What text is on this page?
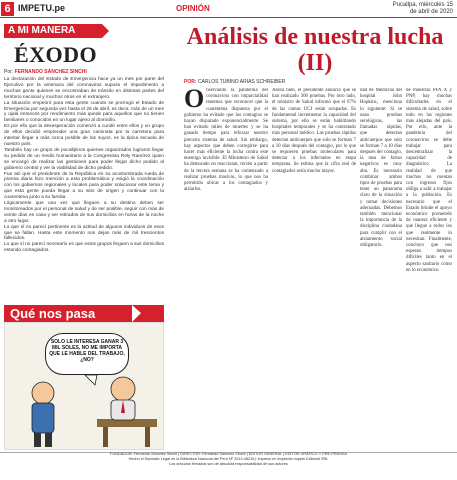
6 IMPETU.pe	OPINIÓN	Pucallpa, miércoles 15
de abril de 2020
A MI MANERA
ÉXODO
Por: FERNANDO SÁNCHEZ SINCHI

La declaración del Estado de Emergencia hace ya un mes por parte del Ejecutivo por la amenaza del coronavirus supuso el impedimento a muchas gente quienes se encontraban de tránsito en distintas partes del territorio nacional y muchos otros en el extranjero.

La situación empeoró para esta gente cuando se prorrogó el Estado de Emergencia por segunda vez hasta el 26 de abril, es decir, más de un mes y ojalá entonces por rendimiento más quede para aquellos que no tienen familiares o conocidos en un lugar ajeno al domicilio.

Es por ello que la desesperación comenzó a cundir entre ellos y un grupo de ellos decidió emprender una gran caminata por la carretera para intentar llegar a más cerca posible de los suyos, es la típica secuela de nuestro país.

También hay un grupo de pucallpinos quienes organizados lograron llegar su pedido de un medio humanitario a la Congresista Rely Ramírez quien se encargó de realizar las gestiones para poder llegar dicho pedido al gobierno central y ver la viabilidad de dicho pedido.

Fue así que el presidente de la República en su acostumbrada rueda de prensa diaria hizo mención a esta problemática y exigió la coordinación con los gobiernos regionales y locales para poder solucionar este tema y que esta gente pueda llegar a su sitio de origen y continuar con la cuarentena junto a su familia.

Lógicamente que una vez que lleguen a su destino deben ser monitoreados por el personal de salud y de ser posible, seguir con más de veinte días en casa y ser retirados de sus domicilios en horas de la noche a otro lugar.

Lo que sí no parecí pertinente es la actitud de algunos individuos de esos que se fallan. Hasta este momento nos dejan más de mil trescientos fallecidos.

Lo que sí no parecí necesario es que estos grupos lleguen a sus domicilios estando contagiados.

Qué nos pasa
SOLO LE INTERESA GANAR 3 MIL SOLES, NO ME IMPORTA QUE LE HABLE DEL TRABAJO, ¿NO?
Análisis de nuestra lucha (II)
POR: CARLOS TUBINO ARIAS SCHREIBER
O bservando la pandemia del coronavirus con imparcialidad tenemos que reconocer que la cuarentena dispuesta por el gobierno ha evitado que los contagios se hayan disparado exponencialmente. Se han evitado miles de muertes y se ha ganado tiempo para reforzar nuestro precario sistema de salud. Sin embargo, hay aspectos que deben corregirse para hacer más eficiente la lucha contra este enemigo invisible. El Ministerio de Salud ha demorado en reaccionar, recién a partir de la tercera semana se ha comenzado a realizar pruebas masivas, lo que nos ha permitido ubicar a los contagiados y aislarlos.

Ahora bien, el presidente anunció que se han realizado 300 pruebas. Por otro lado, el ministro de Salud informó que el 67% de las camas UCI están ocupadas. Es fundamental incrementar la capacidad del sistema, por ello se están habilitando hospitales temporales y se ha contratado más personal médico. Las pruebas rápidas detectan anticuerpos que solo se forman 7 a 10 días después del contagio, por lo que se requieren pruebas moleculares para detectar a los infectados en etapa temprana. Se estima que la cifra real de contagiados sería mucho mayor.

dad de Medicina del hospital John Hopkins, menciona lo siguiente: Si se usan pruebas serológicas, las llamadas rápidas, que detectan anticuerpos que solo se forman 7 a 10 días después del contagio, la tasa de falsos negativos es muy alta. Es necesario combinar ambos tipos de pruebas para tener un panorama claro de la situación y tomar decisiones adecuadas. Debemos también mencionar la importancia de la disciplina ciudadana para cumplir con el aislamiento social obligatorio.

de muestras PFA X y PNP, hay muchas dificultades en el sistema de salud, sobre todo en las regiones más alejadas del país. Por ello, ante la pandemia del coronavirus se debe trabajar para descentralizar la capacidad de diagnóstico. La realidad de que muchos no cuentan con ingresos fijos obliga a salir a trabajar a la población. Es necesario que el Estado brinde el apoyo económico prometido de manera eficiente y que llegue a todos los que realmente lo necesitan. Finalmente, concluyo que nos esperan tiempos difíciles tanto en el aspecto sanitario como en lo económico.

FUNDADOR: Fernando Sánchez Sinchi | DIRECTOR: Fernando Sánchez Sinchi | EDITOR GENERAL | EDITOR GRÁFICO Y PRE-PRENSA
Hecho el Depósito Legal en la Biblioteca Nacional del Perú Nº 2013-08216 | Impreso en Imprenta Impetu Editorial SRL
Los artículos firmados son de absoluta responsabilidad de sus autores
